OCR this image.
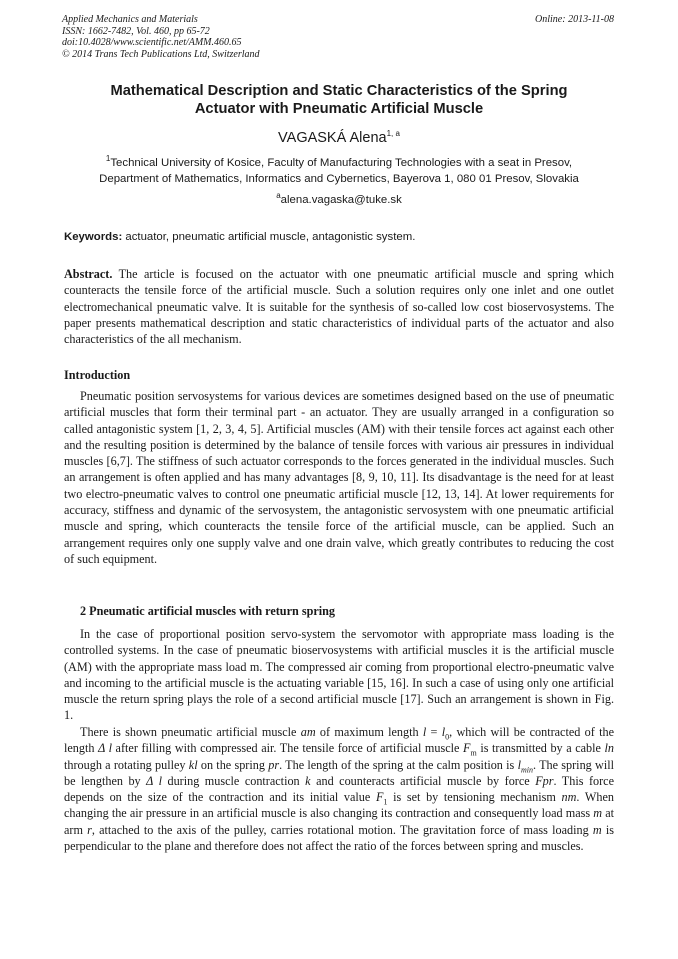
Applied Mechanics and Materials
ISSN: 1662-7482, Vol. 460, pp 65-72
doi:10.4028/www.scientific.net/AMM.460.65
© 2014 Trans Tech Publications Ltd, Switzerland
Online: 2013-11-08
Mathematical Description and Static Characteristics of the Spring
Actuator with Pneumatic Artificial Muscle
VAGASKÁ Alena$^{1, a}$
$^1$Technical University of Kosice, Faculty of Manufacturing Technologies with a seat in Presov,
Department of Mathematics, Informatics and Cybernetics, Bayerova 1, 080 01 Presov, Slovakia
$^a$alena.vagaska@tuke.sk
Keywords: actuator, pneumatic artificial muscle, antagonistic system.
Abstract. The article is focused on the actuator with one pneumatic artificial muscle and spring which counteracts the tensile force of the artificial muscle. Such a solution requires only one inlet and one outlet electromechanical pneumatic valve. It is suitable for the synthesis of so-called low cost bioservosystems. The paper presents mathematical description and static characteristics of individual parts of the actuator and also characteristics of the all mechanism.
Introduction
Pneumatic position servosystems for various devices are sometimes designed based on the use of pneumatic artificial muscles that form their terminal part - an actuator. They are usually arranged in a configuration so called antagonistic system [1, 2, 3, 4, 5]. Artificial muscles (AM) with their tensile forces act against each other and the resulting position is determined by the balance of tensile forces with various air pressures in individual muscles [6,7]. The stiffness of such actuator corresponds to the forces generated in the individual muscles. Such an arrangement is often applied and has many advantages [8, 9, 10, 11]. Its disadvantage is the need for at least two electro-pneumatic valves to control one pneumatic artificial muscle [12, 13, 14]. At lower requirements for accuracy, stiffness and dynamic of the servosystem, the antagonistic servosystem with one pneumatic artificial muscle and spring, which counteracts the tensile force of the artificial muscle, can be applied. Such an arrangement requires only one supply valve and one drain valve, which greatly contributes to reducing the cost of such equipment.
2 Pneumatic artificial muscles with return spring
In the case of proportional position servo-system the servomotor with appropriate mass loading is the controlled systems. In the case of pneumatic bioservosystems with artificial muscles it is the artificial muscle (AM) with the appropriate mass load m. The compressed air coming from proportional electro-pneumatic valve and incoming to the artificial muscle is the actuating variable [15, 16]. In such a case of using only one artificial muscle the return spring plays the role of a second artificial muscle [17]. Such an arrangement is shown in Fig. 1.
There is shown pneumatic artificial muscle am of maximum length $l = l_0$, which will be contracted of the length Δ l after filling with compressed air. The tensile force of artificial muscle $F_m$ is transmitted by a cable ln through a rotating pulley kl on the spring pr. The length of the spring at the calm position is $l_{min}$. The spring will be lengthen by Δ l during muscle contraction k and counteracts artificial muscle by force Fpr. This force depends on the size of the contraction and its initial value $F_1$ is set by tensioning mechanism nm. When changing the air pressure in an artificial muscle is also changing its contraction and consequently load mass m at arm r, attached to the axis of the pulley, carries rotational motion. The gravitation force of mass loading m is perpendicular to the plane and therefore does not affect the ratio of the forces between spring and muscles.
